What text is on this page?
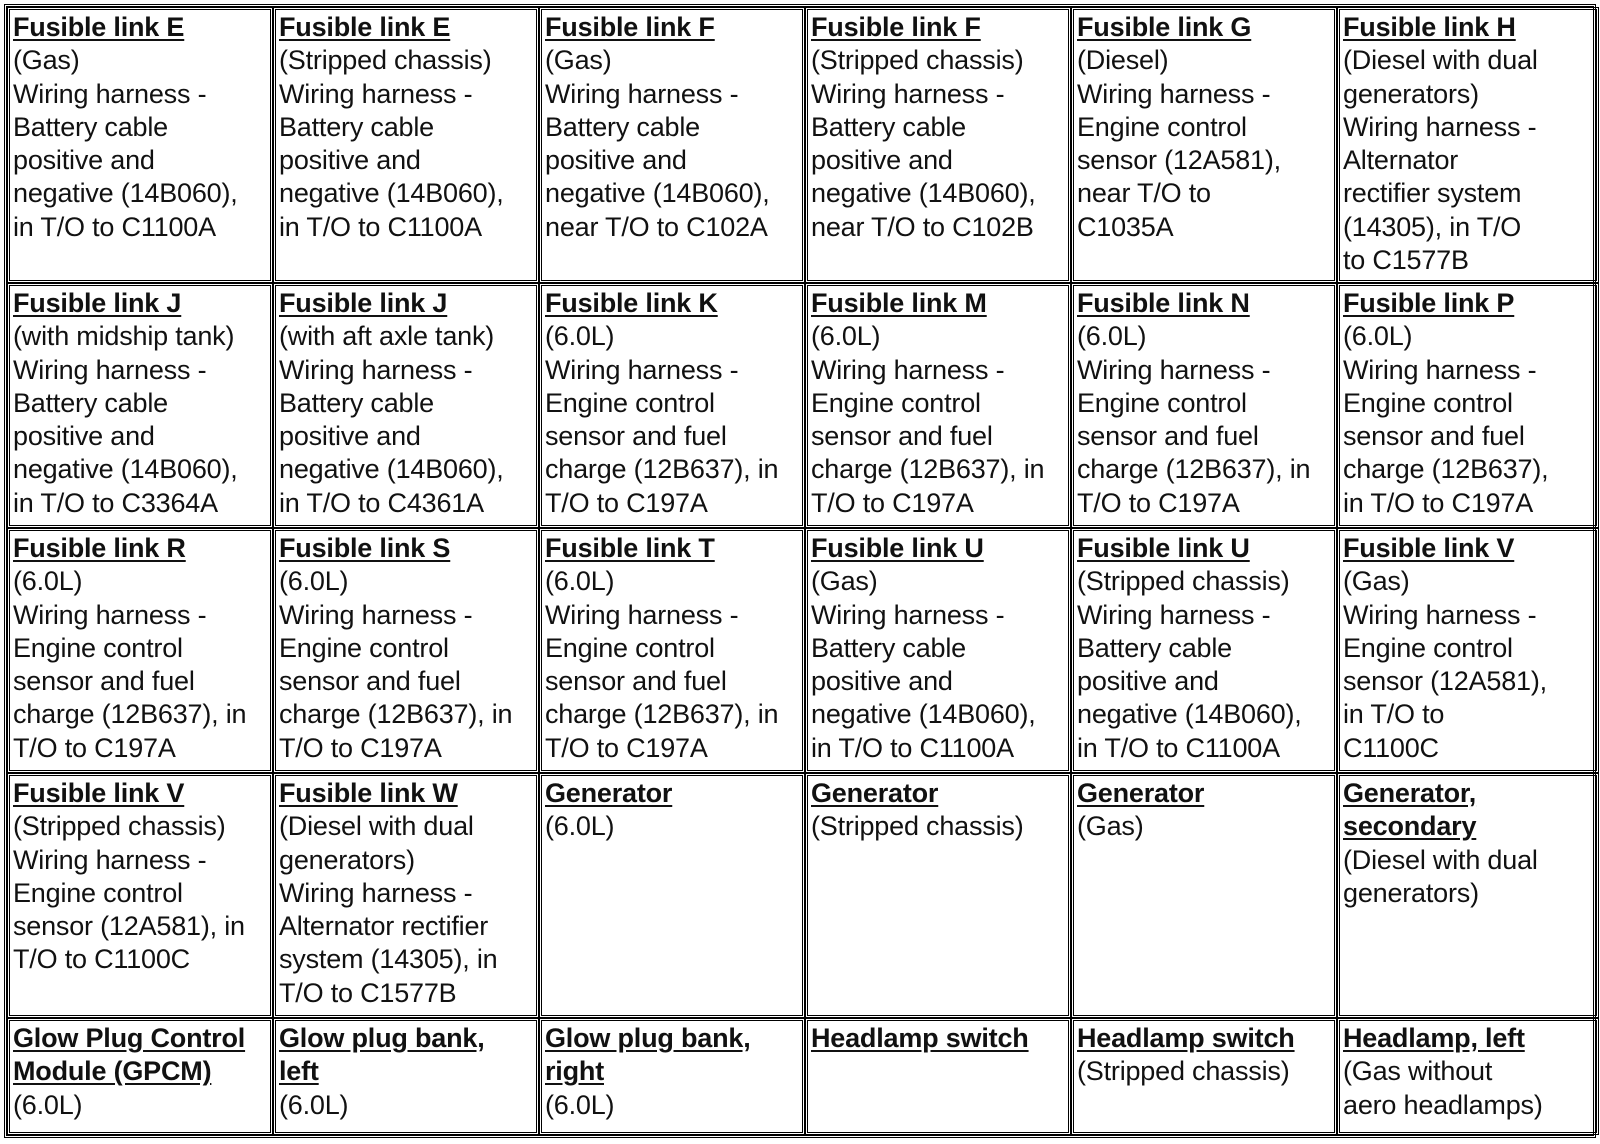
Fusible link E
(Gas)
Wiring harness -
Battery cable
positive and
negative (14B060),
in T/O to C1100A
Fusible link E
(Stripped chassis)
Wiring harness -
Battery cable
positive and
negative (14B060),
in T/O to C1100A
Fusible link F
(Gas)
Wiring harness -
Battery cable
positive and
negative (14B060),
near T/O to C102A
Fusible link F
(Stripped chassis)
Wiring harness -
Battery cable
positive and
negative (14B060),
near T/O to C102B
Fusible link G
(Diesel)
Wiring harness -
Engine control
sensor (12A581),
near T/O to
C1035A
Fusible link H
(Diesel with dual
generators)
Wiring harness -
Alternator
rectifier system
(14305), in T/O
to C1577B
Fusible link J
(with midship tank)
Wiring harness -
Battery cable
positive and
negative (14B060),
in T/O to C3364A
Fusible link J
(with aft axle tank)
Wiring harness -
Battery cable
positive and
negative (14B060),
in T/O to C4361A
Fusible link K
(6.0L)
Wiring harness -
Engine control
sensor and fuel
charge (12B637), in
T/O to C197A
Fusible link M
(6.0L)
Wiring harness -
Engine control
sensor and fuel
charge (12B637), in
T/O to C197A
Fusible link N
(6.0L)
Wiring harness -
Engine control
sensor and fuel
charge (12B637), in
T/O to C197A
Fusible link P
(6.0L)
Wiring harness -
Engine control
sensor and fuel
charge (12B637),
in T/O to C197A
Fusible link R
(6.0L)
Wiring harness -
Engine control
sensor and fuel
charge (12B637), in
T/O to C197A
Fusible link S
(6.0L)
Wiring harness -
Engine control
sensor and fuel
charge (12B637), in
T/O to C197A
Fusible link T
(6.0L)
Wiring harness -
Engine control
sensor and fuel
charge (12B637), in
T/O to C197A
Fusible link U
(Gas)
Wiring harness -
Battery cable
positive and
negative (14B060),
in T/O to C1100A
Fusible link U
(Stripped chassis)
Wiring harness -
Battery cable
positive and
negative (14B060),
in T/O to C1100A
Fusible link V
(Gas)
Wiring harness -
Engine control
sensor (12A581),
in T/O to
C1100C
Fusible link V
(Stripped chassis)
Wiring harness -
Engine control
sensor (12A581), in
T/O to C1100C
Fusible link W
(Diesel with dual
generators)
Wiring harness -
Alternator rectifier
system (14305), in
T/O to C1577B
Generator
(6.0L)
Generator
(Stripped chassis)
Generator
(Gas)
Generator,
secondary
(Diesel with dual
generators)
Glow Plug Control
Module (GPCM)
(6.0L)
Glow plug bank,
left
(6.0L)
Glow plug bank,
right
(6.0L)
Headlamp switch	Headlamp switch
(Stripped chassis)
Headlamp, left
(Gas without
aero headlamps)
